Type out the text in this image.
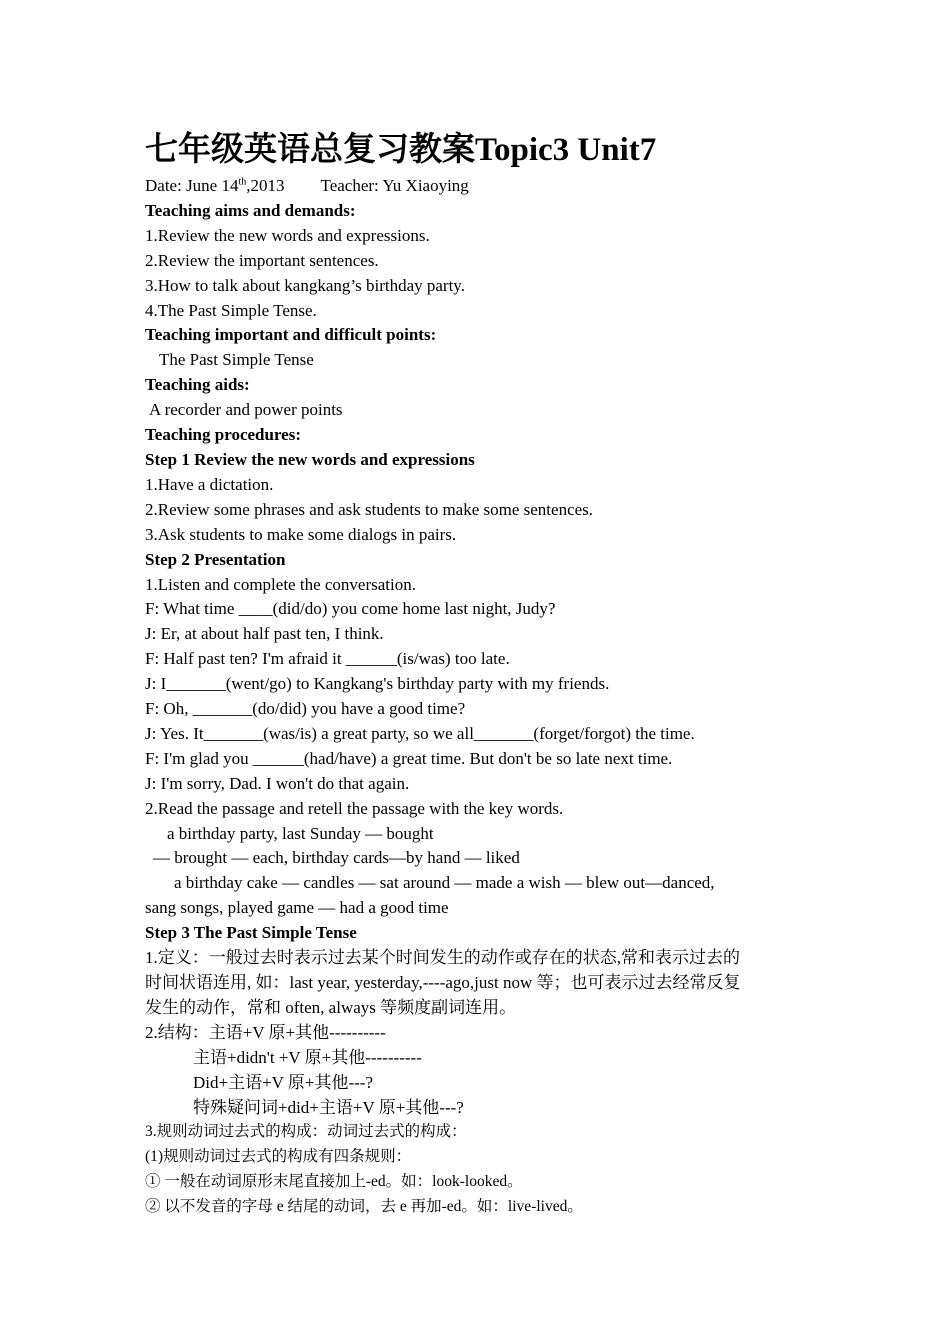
七年级英语总复习教案Topic3 Unit7
Date: June 14th,2013 Teacher: Yu Xiaoying
Teaching aims and demands:
1.Review the new words and expressions.
2.Review the important sentences.
3.How to talk about kangkang’s birthday party.
4.The Past Simple Tense.
Teaching important and difficult points:
The Past Simple Tense
Teaching aids:
A recorder and power points
Teaching procedures:
Step 1 Review the new words and expressions
1.Have a dictation.
2.Review some phrases and ask students to make some sentences.
3.Ask students to make some dialogs in pairs.
Step 2 Presentation
1.Listen and complete the conversation.
F: What time ____(did/do) you come home last night, Judy?
J: Er, at about half past ten, I think.
F: Half past ten? I'm afraid it ______(is/was) too late.
J: I_______(went/go) to Kangkang's birthday party with my friends.
F: Oh, _______(do/did) you have a good time?
J: Yes. It_______(was/is) a great party, so we all_______(forget/forgot) the time.
F: I'm glad you ______(had/have) a great time. But don't be so late next time.
J: I'm sorry, Dad. I won't do that again.
2.Read the passage and retell the passage with the key words.
a birthday party, last Sunday — bought
— brought — each, birthday cards—by hand — liked
a birthday cake — candles — sat around — made a wish — blew out—danced,
sang songs, played game — had a good time
Step 3 The Past Simple Tense
1.定义：一般过去时表示过去某个时间发生的动作或存在的状态,常和表示过去的
时间状语连用, 如：last year, yesterday,----ago,just now 等；也可表示过去经常反复
发生的动作，常和 often, always 等频度副词连用。
2.结构：主语+V 原+其他----------
主语+didn't +V 原+其他----------
Did+主语+V 原+其他---?
特殊疑问词+did+主语+V 原+其他---?
3.规则动词过去式的构成：动词过去式的构成：
(1)规则动词过去式的构成有四条规则：
① 一般在动词原形末尾直接加上-ed。如：look-looked。
② 以不发音的字母 e 结尾的动词，去 e 再加-ed。如：live-lived。
